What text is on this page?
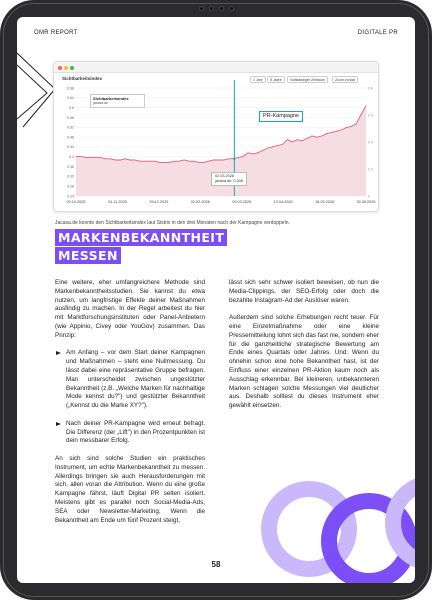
OMR REPORT	DIGITALE PR
Sichtbarkeitsindex	1 Jahr	5 Jahre	Vollständiger Zeitraum	Zoom zurück
0.24
0.28
0.32
0.36
0.4
0.44
0.48
0.52
0.56
0.6
0.64
0.68
0
0.2
0.4
0.6
0.8
20.10.2025	24.11.2025	29.12.2025	02.02.2026	09.03.2026	13.04.2026	18.05.2026	30.06.2026
Sichtbarkeitsindex
jacasa.de
PR-Kampagne
02.03.2026
jacasa.de: 0,308
Jacasa.de konnte den Sichtbarkeitsindex laut Sistrix in den drei Monaten nach der Kampagne verdoppeln.
MARKENBEKANNTHEIT
MESSEN

Eine weitere, eher umfangreichere Methode sind Markenbekanntheitsstudien. Sie kannst du etwa nutzen, um langfristige Effekte deiner Maßnahmen ausfindig zu machen. In der Regel arbeitest du hier mit Marktforschungsinstituten oder Panel-Anbietern (wie Appinio, Civey oder YouGov) zusammen. Das Prinzip:

Am Anfang – vor dem Start deiner Kampagnen und Maßnahmen – steht eine Nullmessung. Du lässt dabei eine repräsentative Gruppe befragen. Man unterscheidet zwischen ungestützter Bekanntheit (z.B. „Welche Marken für nachhaltige Mode kennst du?") und gestützter Bekanntheit („Kennst du die Marke XY?").
Nach deiner PR-Kampagne wird erneut befragt. Die Differenz (der „Lift") in den Prozentpunkten ist dein messbarer Erfolg.

An sich sind solche Studien ein praktisches Instrument, um echte Markenbekanntheit zu messen. Allerdings bringen sie auch Herausforderungen mit sich, allen voran die Attribution. Wenn du eine große Kampagne fährst, läuft Digital PR selten isoliert. Meistens gibt es parallel noch Social-Media-Ads, SEA oder Newsletter-Marketing. Wenn die Bekanntheit am Ende um fünf Prozent steigt,

lässt sich sehr schwer isoliert beweisen, ob nun die Media-Clippings, der SEO-Erfolg oder doch die bezahlte Instagram-Ad der Auslöser waren.

Außerdem sind solche Erhebungen recht teuer. Für eine Einzelmaßnahme oder eine kleine Pressemitteilung lohnt sich das fast nie, sondern eher für die ganzheitliche strategische Bewertung am Ende eines Quartals oder Jahres. Und: Wenn du ohnehin schon eine hohe Bekanntheit hast, ist der Einfluss einer einzelnen PR-Aktion kaum noch als Ausschlag erkennbar. Bei kleineren, unbekannteren Marken schlagen solche Messungen viel deutlicher aus. Deshalb solltest du dieses Instrument eher gewählt einsetzen.

58
